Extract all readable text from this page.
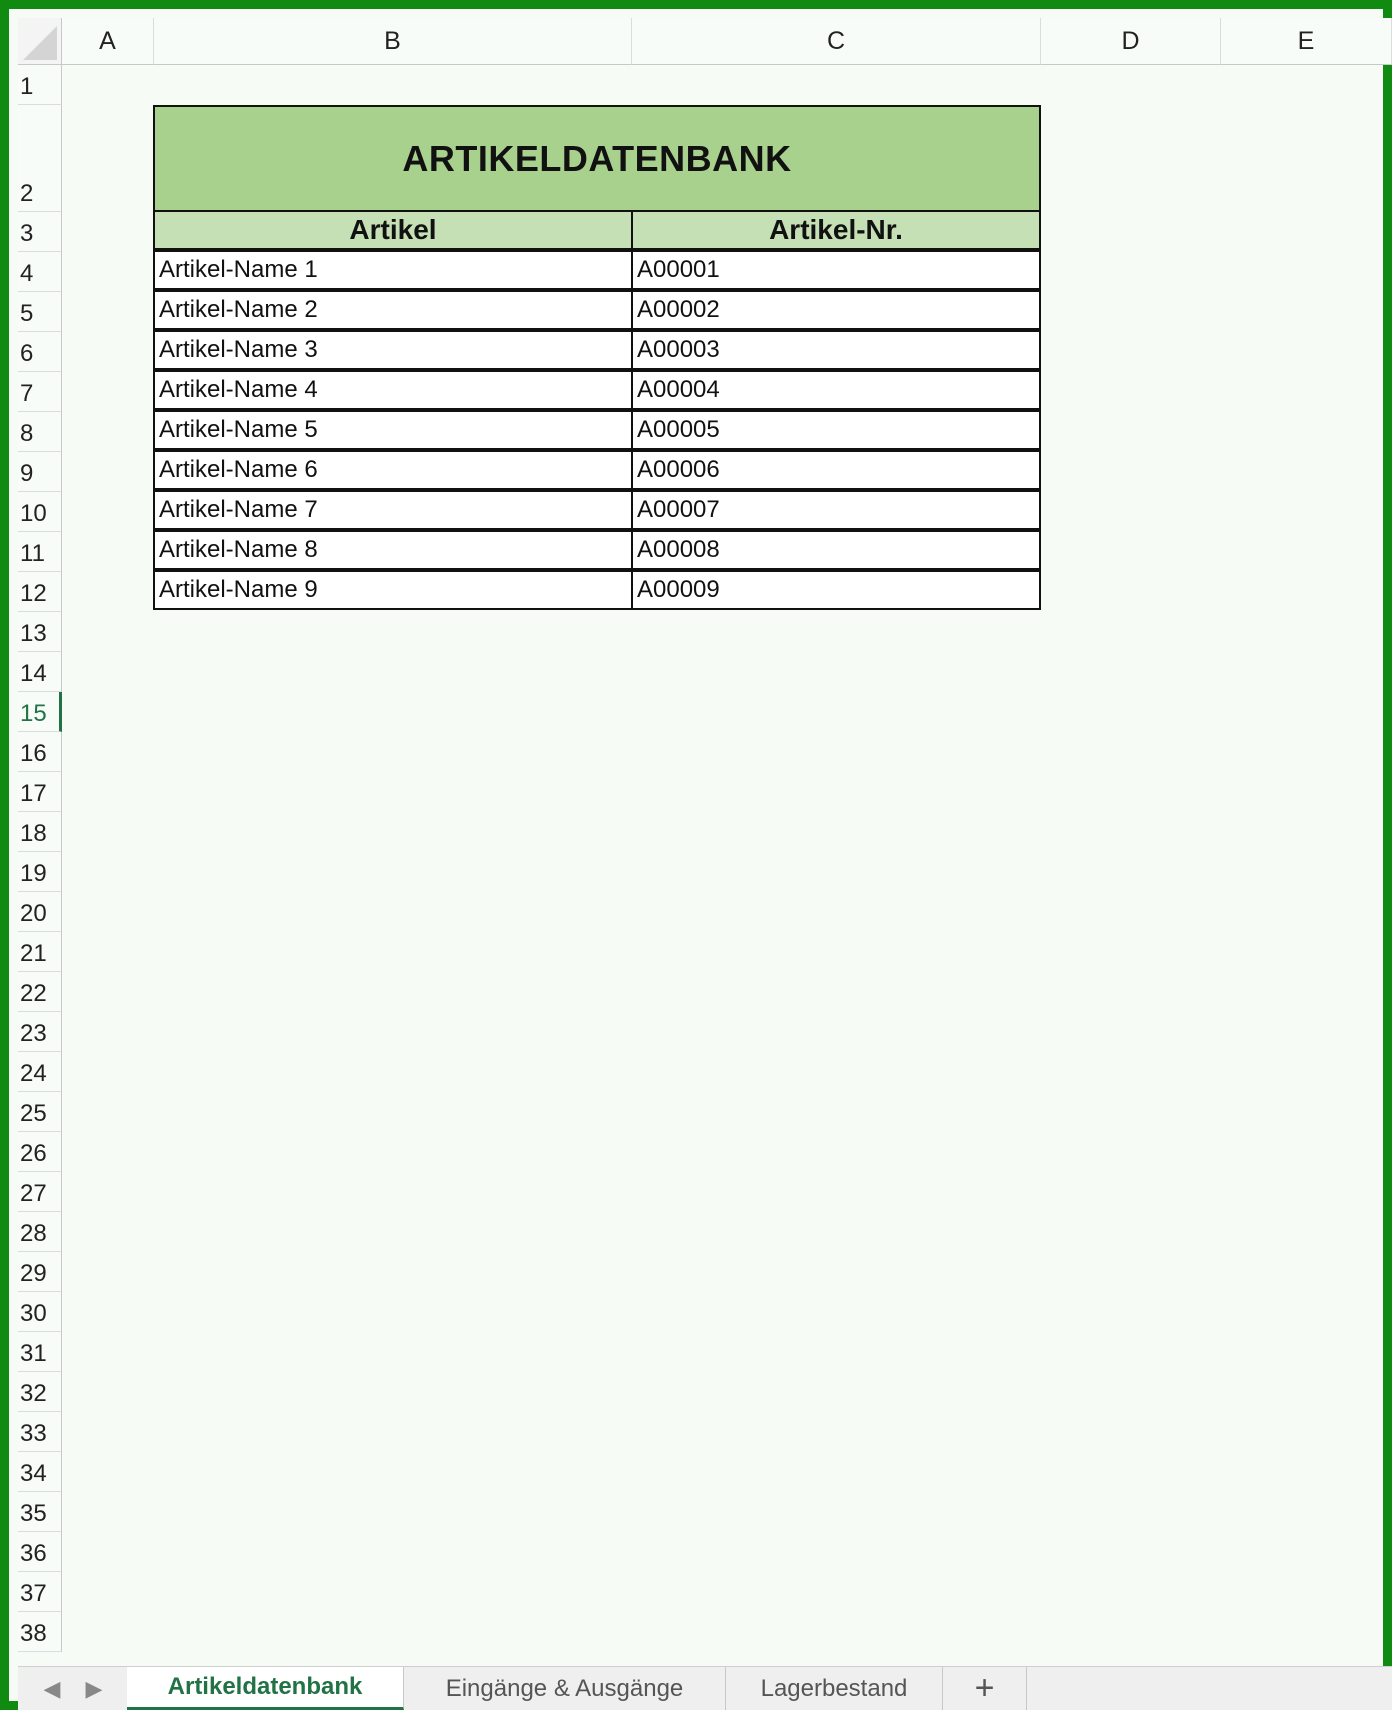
A	B	C	D	E
1
2
3
4
5
6
7
8
9
10
11
12
13
14
15
16
17
18
19
20
21
22
23
24
25
26
27
28
29
30
31
32
33
34
35
36
37
38
ARTIKELDATENBANK
Artikel	Artikel-Nr.
Artikel-Name 1	A00001
Artikel-Name 2	A00002
Artikel-Name 3	A00003
Artikel-Name 4	A00004
Artikel-Name 5	A00005
Artikel-Name 6	A00006
Artikel-Name 7	A00007
Artikel-Name 8	A00008
Artikel-Name 9	A00009
◀	▶	Artikeldatenbank	Eingänge & Ausgänge	Lagerbestand	+
